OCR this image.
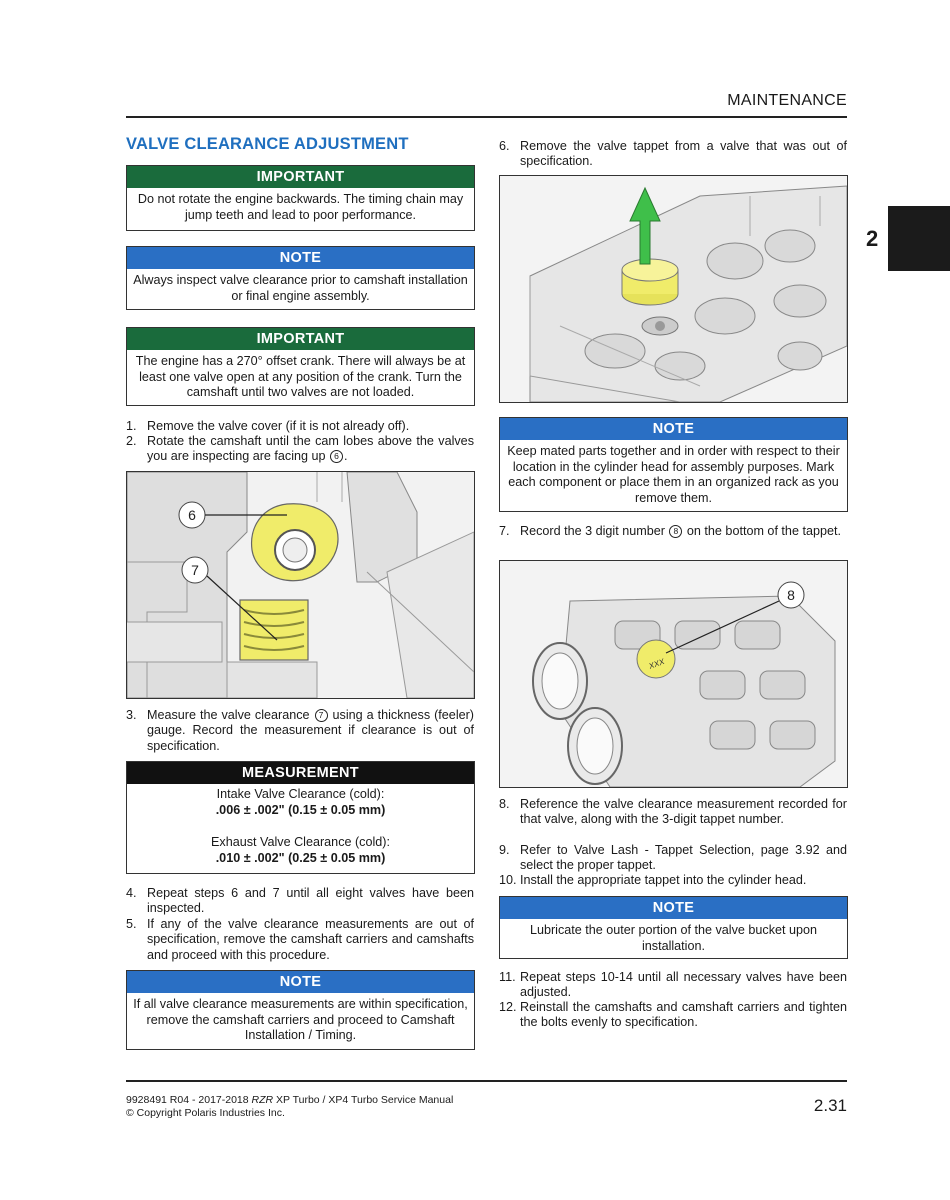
MAINTENANCE
2
VALVE CLEARANCE ADJUSTMENT
IMPORTANT
Do not rotate the engine backwards. The timing chain may jump teeth and lead to poor performance.
NOTE
Always inspect valve clearance prior to camshaft installation or final engine assembly.
IMPORTANT
The engine has a 270° offset crank. There will always be at least one valve open at any position of the crank. Turn the camshaft until two valves are not loaded.
1. Remove the valve cover (if it is not already off).
2. Rotate the camshaft until the cam lobes above the valves you are inspecting are facing up 6 .
6
7
3. Measure the valve clearance 7 using a thickness (feeler) gauge. Record the measurement if clearance is out of specification.
MEASUREMENT
Intake Valve Clearance (cold):
.006 ± .002" (0.15 ± 0.05 mm)
Exhaust Valve Clearance (cold):
.010 ± .002" (0.25 ± 0.05 mm)
4. Repeat steps 6 and 7 until all eight valves have been inspected.
5. If any of the valve clearance measurements are out of specification, remove the camshaft carriers and camshafts and proceed with this procedure.
NOTE
If all valve clearance measurements are within specification, remove the camshaft carriers and proceed to Camshaft Installation / Timing.
6. Remove the valve tappet from a valve that was out of specification.
NOTE
Keep mated parts together and in order with respect to their location in the cylinder head for assembly purposes. Mark each component or place them in an organized rack as you remove them.
7. Record the 3 digit number 8 on the bottom of the tappet.
XXX
8
8. Reference the valve clearance measurement recorded for that valve, along with the 3-digit tappet number.
9. Refer to Valve Lash - Tappet Selection, page 3.92 and select the proper tappet.
10. Install the appropriate tappet into the cylinder head.
NOTE
Lubricate the outer portion of the valve bucket upon installation.
11. Repeat steps 10-14 until all necessary valves have been adjusted.
12. Reinstall the camshafts and camshaft carriers and tighten the bolts evenly to specification.
9928491 R04 - 2017-2018 RZR XP Turbo / XP4 Turbo Service Manual
© Copyright Polaris Industries Inc.	2.31
